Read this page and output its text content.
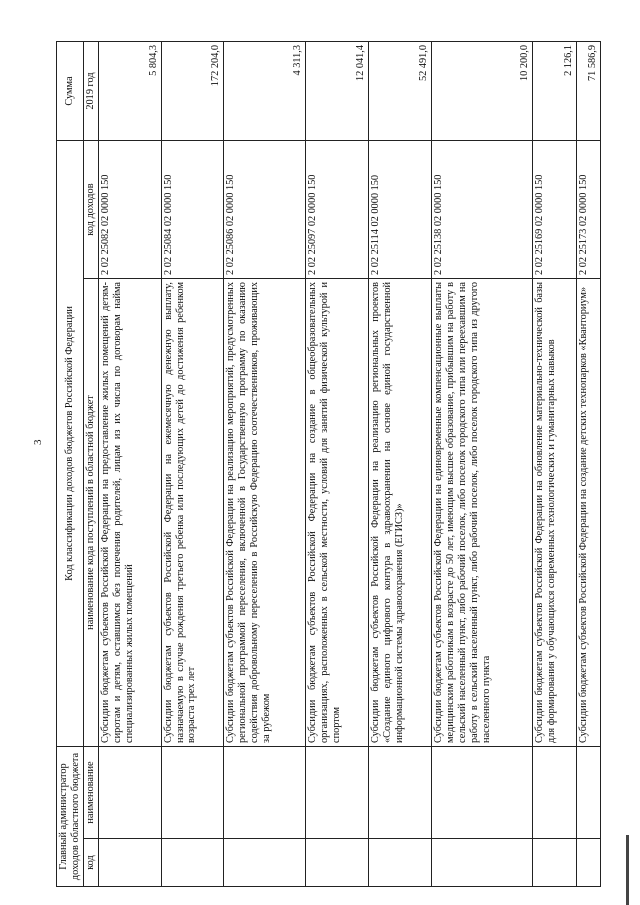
3
Главный администратор доходов областного бюджета		Код классификации доходов бюджетов Российской Федерации		Сумма
код	наименование	наименование кода поступлений в областной бюджет	код доходов	
				2019 год
		Субсидии бюджетам субъектов Российской Федерации на предоставление жилых помещений детям-сиротам и детям, оставшимся без попечения родителей, лицам из их числа по договорам найма специализированных жилых помещений	2 02 25082 02 0000 150	5 804,3
		Субсидии бюджетам субъектов Российской Федерации на ежемесячную денежную выплату, назначаемую в случае рождения третьего ребенка или последующих детей до достижения ребенком возраста трех лет	2 02 25084 02 0000 150	172 204,0
		Субсидии бюджетам субъектов Российской Федерации на реализацию мероприятий, предусмотренных региональной программой переселения, включенной в Государственную программу по оказанию содействия добровольному переселению в Российскую Федерацию соотечественников, проживающих за рубежом	2 02 25086 02 0000 150	4 311,3
		Субсидии бюджетам субъектов Российской Федерации на создание в общеобразовательных организациях, расположенных в сельской местности, условий для занятий физической культурой и спортом	2 02 25097 02 0000 150	12 041,4
		Субсидии бюджетам субъектов Российской Федерации на реализацию региональных проектов «Создание единого цифрового контура в здравоохранении на основе единой государственной информационной системы здравоохранения (ЕГИСЗ)»	2 02 25114 02 0000 150	52 491,0
		Субсидии бюджетам субъектов Российской Федерации на единовременные компенсационные выплаты медицинским работникам в возрасте до 50 лет, имеющим высшее образование, прибывшим на работу в сельский населенный пункт, либо рабочий поселок, либо поселок городского типа или переехавшим на работу в сельский населенный пункт, либо рабочий поселок, либо поселок городского типа из другого населенного пункта	2 02 25138 02 0000 150	10 200,0
		Субсидии бюджетам субъектов Российской Федерации на обновление материально-технической базы для формирования у обучающихся современных технологических и гуманитарных навыков	2 02 25169 02 0000 150	2 126,1
		Субсидии бюджетам субъектов Российской Федерации на создание детских технопарков «Кванториум»	2 02 25173 02 0000 150	71 586,9
